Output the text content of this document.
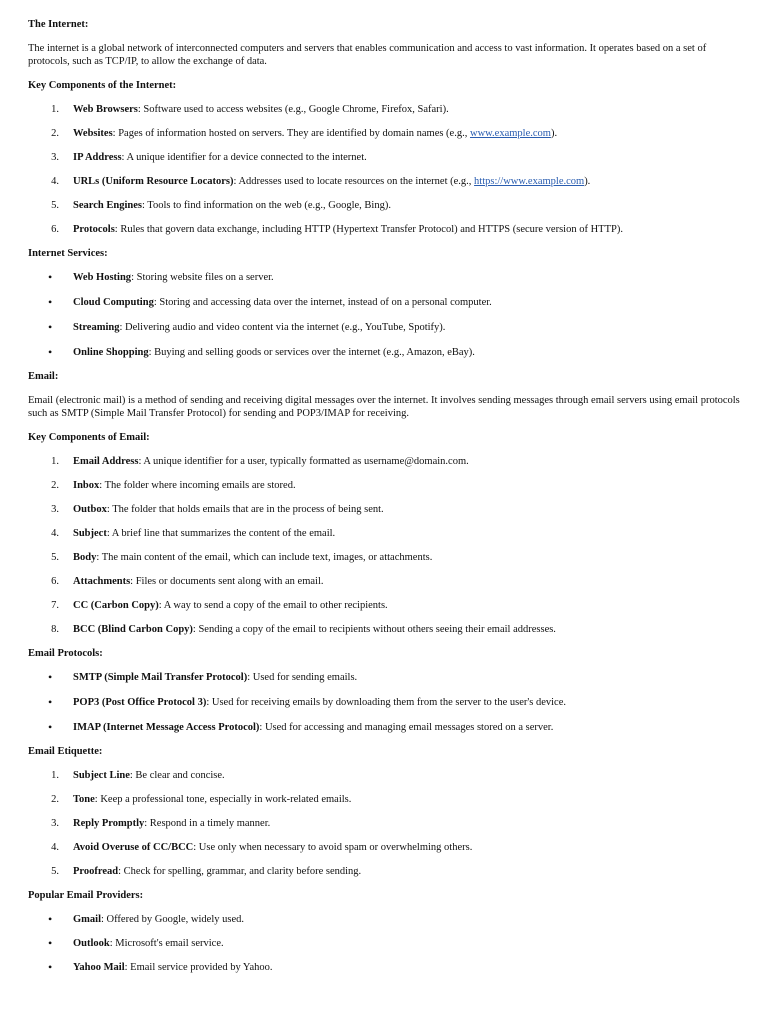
The Internet:

The internet is a global network of interconnected computers and servers that enables communication and access to vast information. It operates based on a set of protocols, such as TCP/IP, to allow the exchange of data.

Key Components of the Internet:

1. Web Browsers: Software used to access websites (e.g., Google Chrome, Firefox, Safari).
2. Websites: Pages of information hosted on servers. They are identified by domain names (e.g., www.example.com).
3. IP Address: A unique identifier for a device connected to the internet.
4. URLs (Uniform Resource Locators): Addresses used to locate resources on the internet (e.g., https://www.example.com).
5. Search Engines: Tools to find information on the web (e.g., Google, Bing).
6. Protocols: Rules that govern data exchange, including HTTP (Hypertext Transfer Protocol) and HTTPS (secure version of HTTP).

Internet Services:

• Web Hosting: Storing website files on a server.
• Cloud Computing: Storing and accessing data over the internet, instead of on a personal computer.
• Streaming: Delivering audio and video content via the internet (e.g., YouTube, Spotify).
• Online Shopping: Buying and selling goods or services over the internet (e.g., Amazon, eBay).

Email:

Email (electronic mail) is a method of sending and receiving digital messages over the internet. It involves sending messages through email servers using email protocols such as SMTP (Simple Mail Transfer Protocol) for sending and POP3/IMAP for receiving.

Key Components of Email:

1. Email Address: A unique identifier for a user, typically formatted as username@domain.com.
2. Inbox: The folder where incoming emails are stored.
3. Outbox: The folder that holds emails that are in the process of being sent.
4. Subject: A brief line that summarizes the content of the email.
5. Body: The main content of the email, which can include text, images, or attachments.
6. Attachments: Files or documents sent along with an email.
7. CC (Carbon Copy): A way to send a copy of the email to other recipients.
8. BCC (Blind Carbon Copy): Sending a copy of the email to recipients without others seeing their email addresses.

Email Protocols:

• SMTP (Simple Mail Transfer Protocol): Used for sending emails.
• POP3 (Post Office Protocol 3): Used for receiving emails by downloading them from the server to the user's device.
• IMAP (Internet Message Access Protocol): Used for accessing and managing email messages stored on a server.

Email Etiquette:

1. Subject Line: Be clear and concise.
2. Tone: Keep a professional tone, especially in work-related emails.
3. Reply Promptly: Respond in a timely manner.
4. Avoid Overuse of CC/BCC: Use only when necessary to avoid spam or overwhelming others.
5. Proofread: Check for spelling, grammar, and clarity before sending.

Popular Email Providers:

• Gmail: Offered by Google, widely used.
• Outlook: Microsoft's email service.
• Yahoo Mail: Email service provided by Yahoo.
